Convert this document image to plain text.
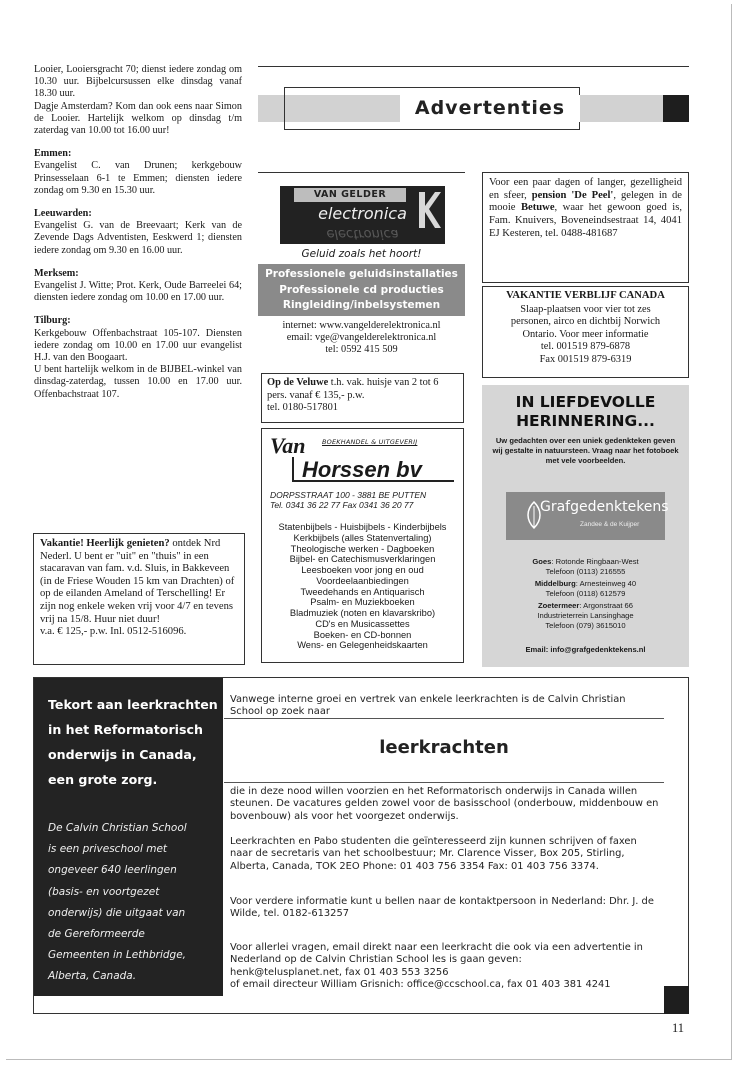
Looier, Looiersgracht 70; dienst iedere zondag om 10.30 uur. Bijbelcursussen elke dinsdag vanaf 18.30 uur.

Dagje Amsterdam? Kom dan ook eens naar Simon de Looier. Hartelijk welkom op dinsdag t/m zaterdag van 10.00 tot 16.00 uur!

Emmen:

Evangelist C. van Drunen; kerkgebouw Prinsesselaan 6-1 te Emmen; diensten iedere zondag om 9.30 en 15.30 uur.

Leeuwarden:

Evangelist G. van de Breevaart; Kerk van de Zevende Dags Adventisten, Eeskwerd 1; diensten iedere zondag om 9.30 en 16.00 uur.

Merksem:

Evangelist J. Witte; Prot. Kerk, Oude Barreelei 64; diensten iedere zondag om 10.00 en 17.00 uur.

Tilburg:

Kerkgebouw Offenbachstraat 105-107. Diensten iedere zondag om 10.00 en 17.00 uur evangelist H.J. van den Boogaart.

U bent hartelijk welkom in de BIJBEL-winkel van dinsdag-zaterdag, tussen 10.00 en 17.00 uur. Offenbachstraat 107.

Vakantie! Heerlijk genieten? ontdek Nrd Nederl. U bent er "uit" en "thuis" in een stacaravan van fam. v.d. Sluis, in Bakkeveen (in de Friese Wouden 15 km van Drachten) of op de eilanden Ameland of Terschelling! Er zijn nog enkele weken vrij voor 4/7 en tevens vrij na 15/8. Huur niet duur!
v.a. € 125,- p.w. Inl. 0512-516096.
Advertenties
VAN GELDER
electronica
electronica
Geluid zoals het hoort!
Professionele geluidsinstallaties
Professionele cd producties
Ringleiding/inbelsystemen
internet: www.vangelderelektronica.nl
email: vge@vangelderelektronica.nl
tel: 0592 415 509
Op de Veluwe t.h. vak. huisje van 2 tot 6 pers. vanaf € 135,- p.w.
tel. 0180-517801
Van	BOEKHANDEL & UITGEVERIJ
Horssen bv
DORPSSTRAAT 100 - 3881 BE PUTTEN
Tel. 0341 36 22 77 Fax 0341 36 20 77
Statenbijbels - Huisbijbels - Kinderbijbels
Kerkbijbels (alles Statenvertaling)
Theologische werken - Dagboeken
Bijbel- en Catechismusverklaringen
Leesboeken voor jong en oud
Voordeelaanbiedingen
Tweedehands en Antiquarisch
Psalm- en Muziekboeken
Bladmuziek (noten en klavarskribo)
CD's en Musicassettes
Boeken- en CD-bonnen
Wens- en Gelegenheidskaarten
Voor een paar dagen of langer, gezelligheid en sfeer, pension 'De Peel', gelegen in de mooie Betuwe, waar het gewoon goed is, Fam. Knuivers, Boveneindsestraat 14, 4041 EJ Kesteren, tel. 0488-481687
VAKANTIE VERBLIJF CANADA
Slaap-plaatsen voor vier tot zes
personen, airco en dichtbij Norwich
Ontario. Voor meer informatie
tel. 001519 879-6878
Fax 001519 879-6319
IN LIEFDEVOLLE
HERINNERING...
Uw gedachten over een uniek gedenkteken geven wij gestalte in natuursteen. Vraag naar het fotoboek met vele voorbeelden.
Grafgedenktekens
Zandee & de Kuijper
Goes: Rotonde Ringbaan-West
Telefoon (0113) 216555
Middelburg: Arnesteinweg 40
Telefoon (0118) 612579
Zoetermeer: Argonstraat 66
Industrieterrein Lansinghage
Telefoon (079) 3615010
Email: info@grafgedenktekens.nl
Tekort aan leerkrachten
in het Reformatorisch
onderwijs in Canada,
een grote zorg.
De Calvin Christian School
is een priveschool met
ongeveer 640 leerlingen
(basis- en voortgezet
onderwijs) die uitgaat van
de Gereformeerde
Gemeenten in Lethbridge,
Alberta, Canada.

Vanwege interne groei en vertrek van enkele leerkrachten is de Calvin Christian School op zoek naar

leerkrachten

die in deze nood willen voorzien en het Reformatorisch onderwijs in Canada willen steunen. De vacatures gelden zowel voor de basisschool (onderbouw, middenbouw en bovenbouw) als voor het voorgezet onderwijs.

Leerkrachten en Pabo studenten die geïnteresseerd zijn kunnen schrijven of faxen naar de secretaris van het schoolbestuur; Mr. Clarence Visser, Box 205, Stirling, Alberta, Canada, TOK 2EO Phone: 01 403 756 3354 Fax: 01 403 756 3374.

Voor verdere informatie kunt u bellen naar de kontaktpersoon in Nederland: Dhr. J. de Wilde, tel. 0182-613257

Voor allerlei vragen, email direkt naar een leerkracht die ook via een advertentie in Nederland op de Calvin Christian School les is gaan geven:

henk@telusplanet.net, fax 01 403 553 3256

of email directeur William Grisnich: office@ccschool.ca, fax 01 403 381 4241

11
